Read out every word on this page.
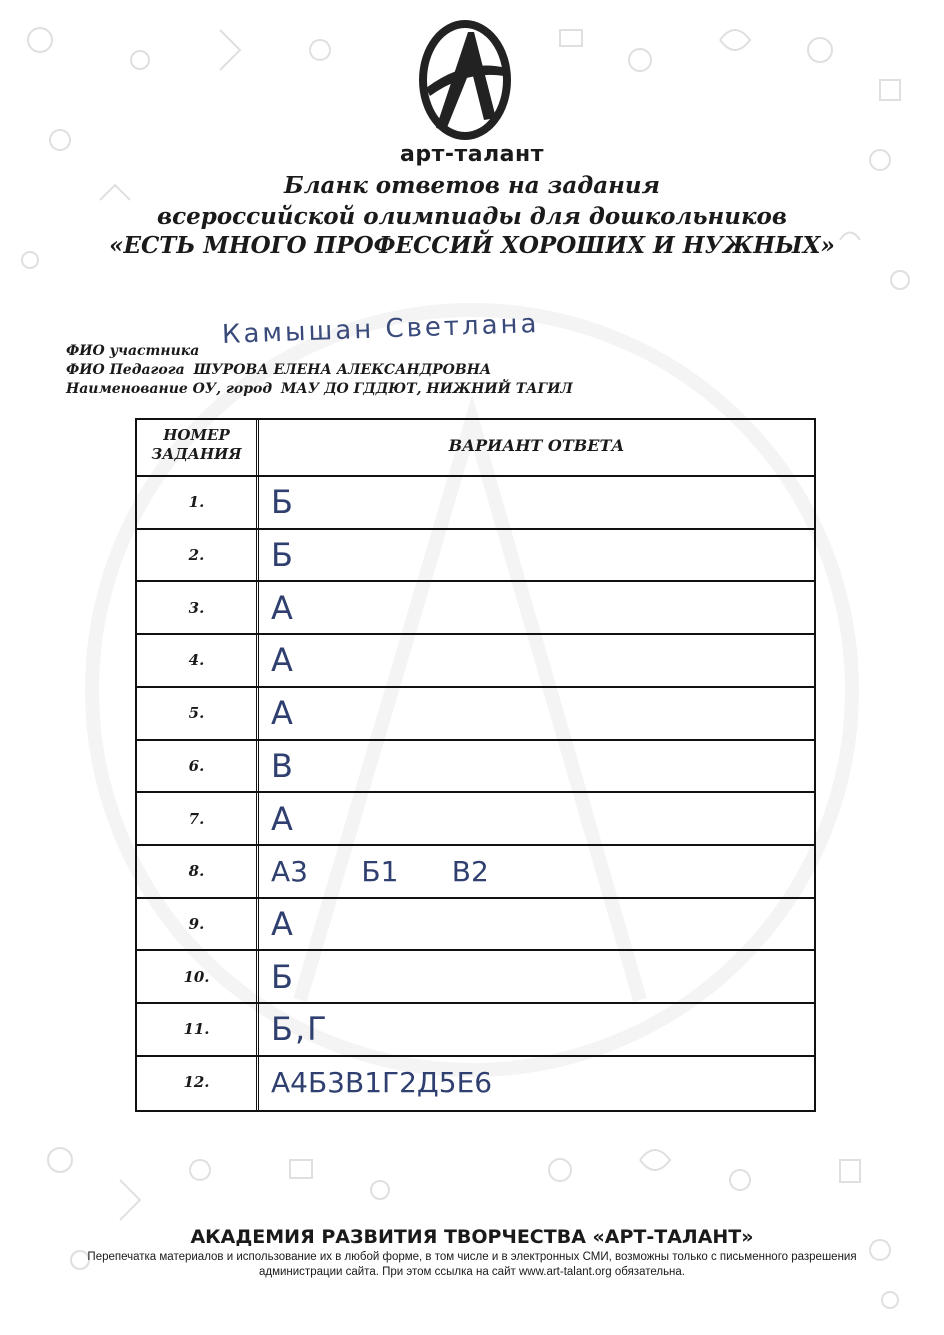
арт-талант
Бланк ответов на задания
всероссийской олимпиады для дошкольников
«ЕСТЬ МНОГО ПРОФЕССИЙ ХОРОШИХ И НУЖНЫХ»
ФИО участника
Камышан Светлана
ФИО Педагога ШУРОВА ЕЛЕНА АЛЕКСАНДРОВНА
Наименование ОУ, город МАУ ДО ГДДЮТ, НИЖНИЙ ТАГИЛ
НОМЕР ЗАДАНИЯ	ВАРИАНТ ОТВЕТА
1.	Б
2.	Б
3.	А
4.	А
5.	А
6.	В
7.	А
8.	А3      Б1      В2
9.	А
10.	Б
11.	Б,Г
12.	А4Б3В1Г2Д5Е6
АКАДЕМИЯ РАЗВИТИЯ ТВОРЧЕСТВА «АРТ-ТАЛАНТ»
Перепечатка материалов и использование их в любой форме, в том числе и в электронных СМИ, возможны только с письменного разрешения администрации сайта. При этом ссылка на сайт www.art-talant.org обязательна.
